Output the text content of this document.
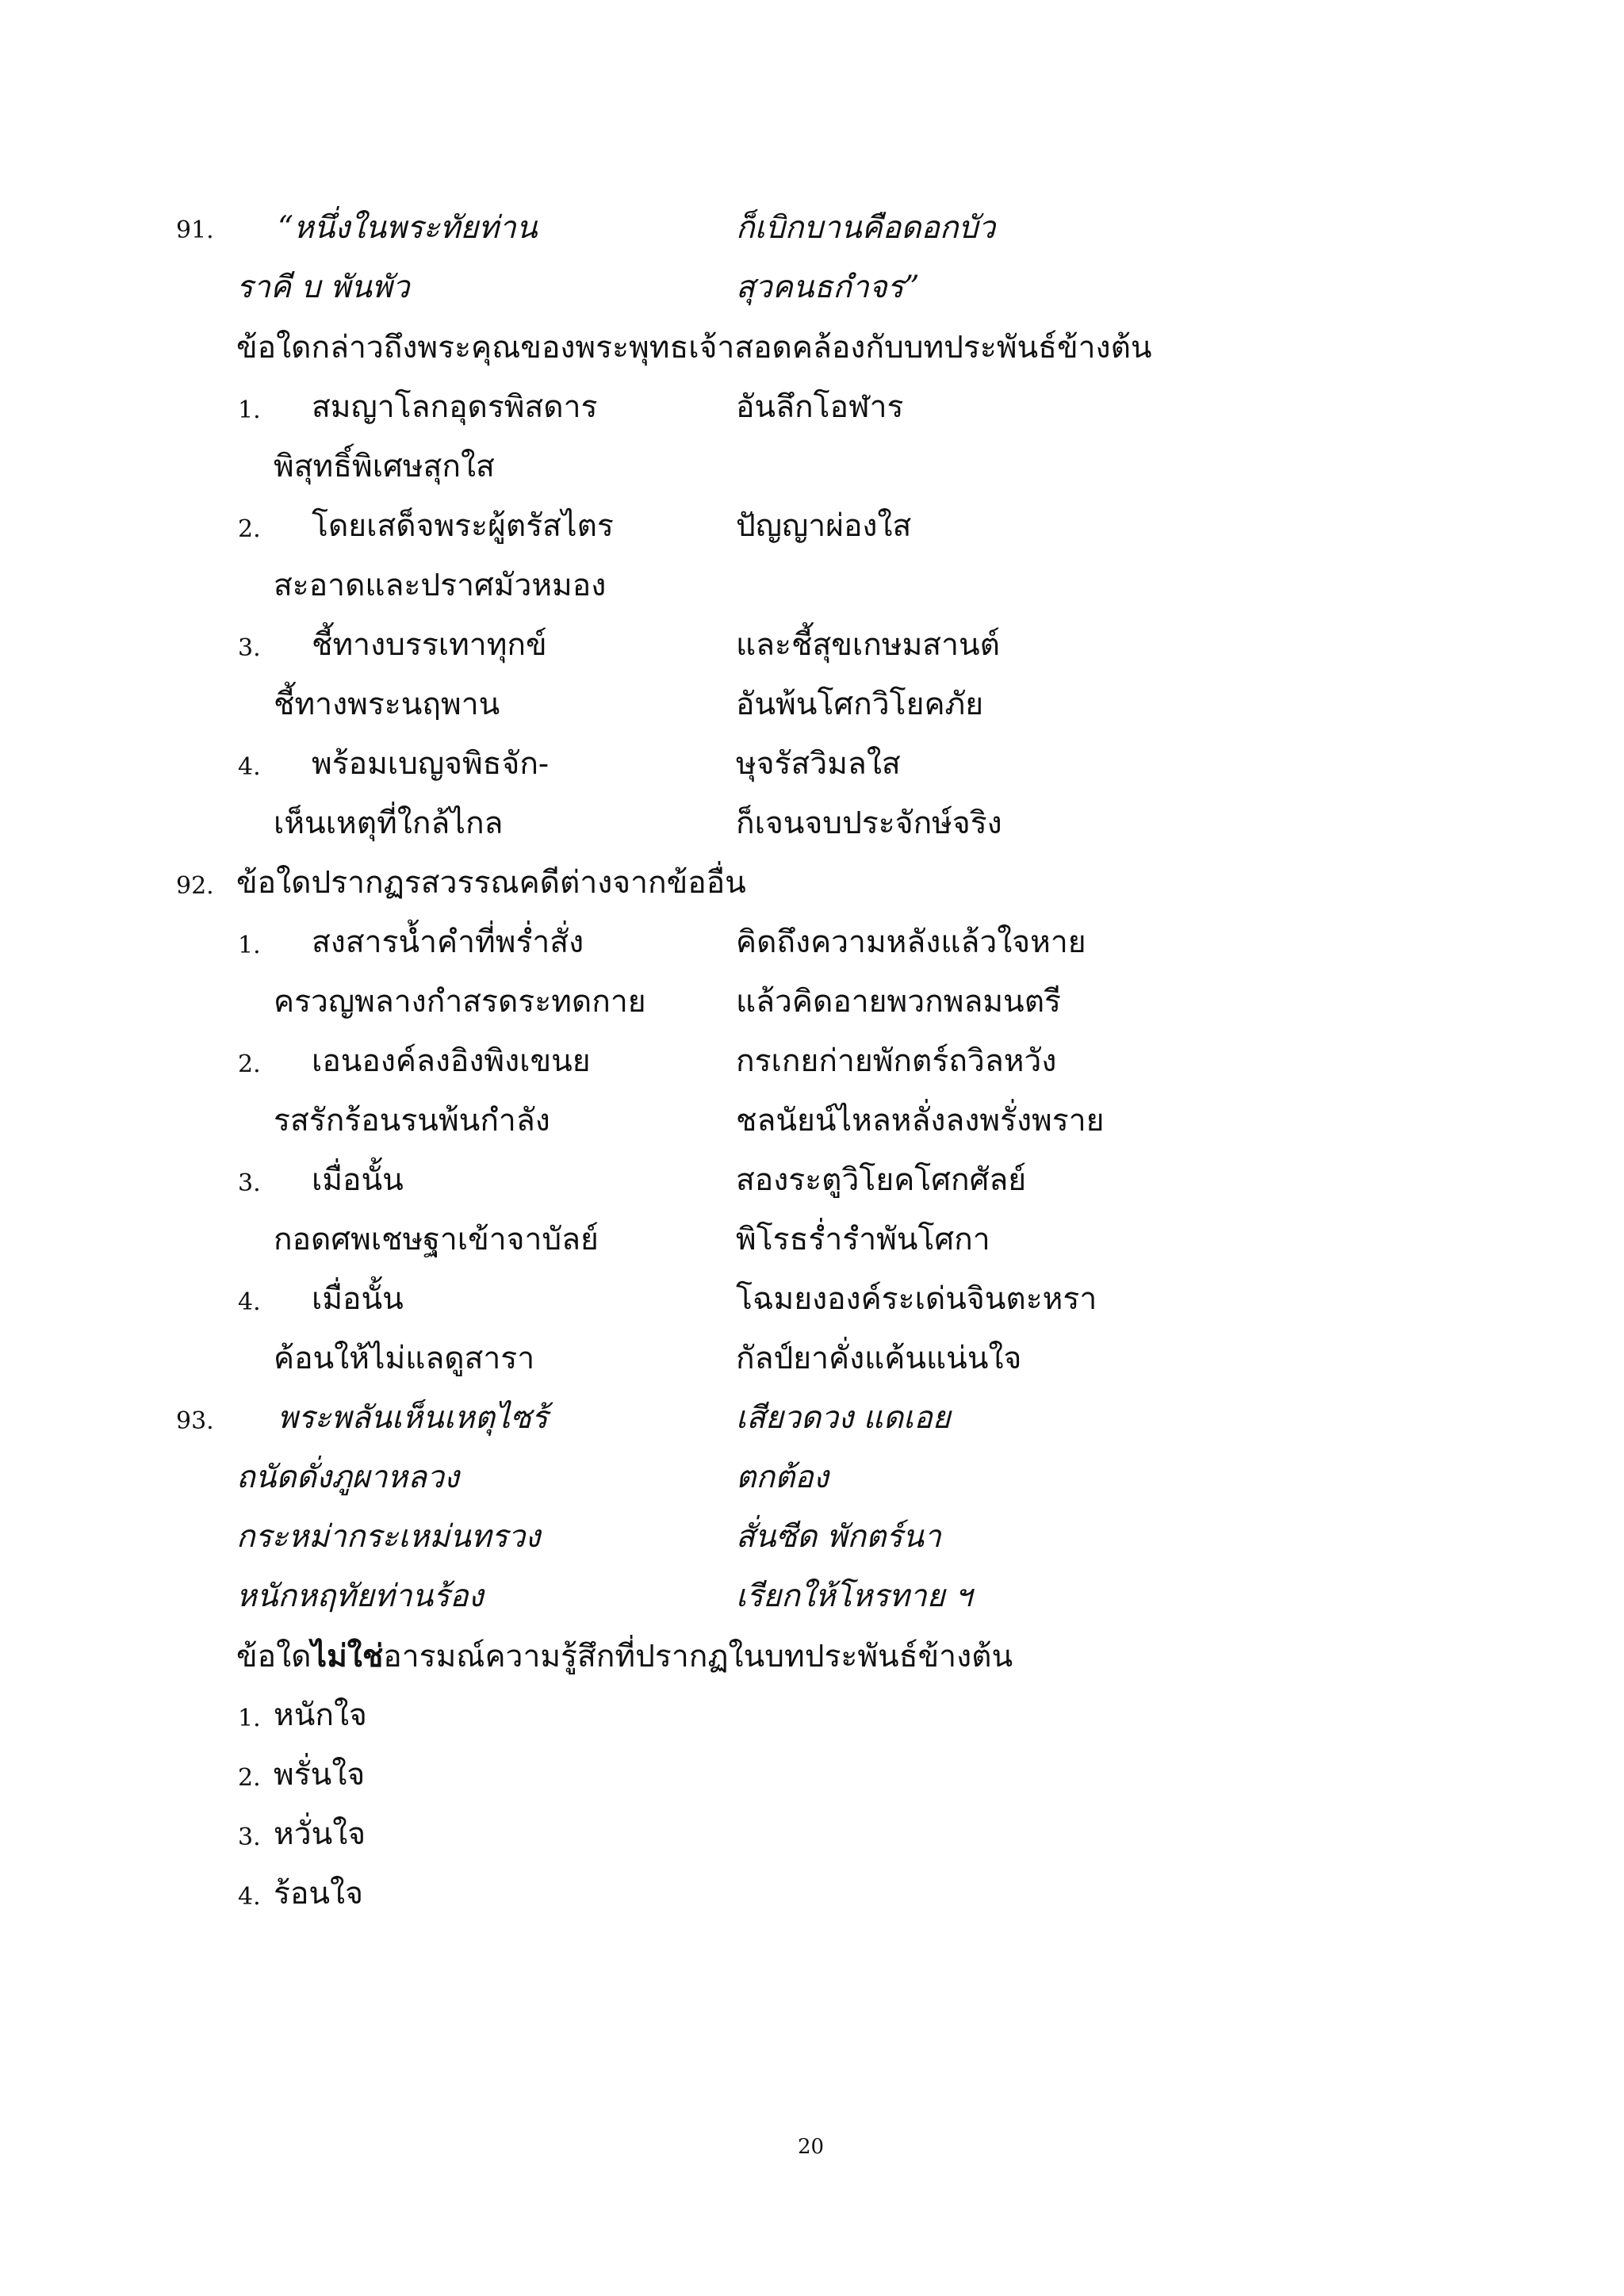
91. “หนึ่งในพระทัยท่าน	ก็เบิกบานคือดอกบัว
ราคี บ พันพัว	สุวคนธกำจร”
ข้อใดกล่าวถึงพระคุณของพระพุทธเจ้าสอดคล้องกับบทประพันธ์ข้างต้น
1. สมญาโลกอุดรพิสดาร	อันลึกโอฬาร
พิสุทธิ์พิเศษสุกใส
2. โดยเสด็จพระผู้ตรัสไตร	ปัญญาผ่องใส
สะอาดและปราศมัวหมอง
3. ชี้ทางบรรเทาทุกข์	และชี้สุขเกษมสานต์
ชี้ทางพระนฤพาน	อันพ้นโศกวิโยคภัย
4. พร้อมเบญจพิธจัก-	ษุจรัสวิมลใส
เห็นเหตุที่ใกล้ไกล	ก็เจนจบประจักษ์จริง
92. ข้อใดปรากฏรสวรรณคดีต่างจากข้ออื่น
1. สงสารน้ำคำที่พร่ำสั่ง	คิดถึงความหลังแล้วใจหาย
ครวญพลางกำสรดระทดกาย	แล้วคิดอายพวกพลมนตรี
2. เอนองค์ลงอิงพิงเขนย	กรเกยก่ายพักตร์ถวิลหวัง
รสรักร้อนรนพ้นกำลัง	ชลนัยน์ไหลหลั่งลงพรั่งพราย
3. เมื่อนั้น	สองระตูวิโยคโศกศัลย์
กอดศพเชษฐาเข้าจาบัลย์	พิโรธร่ำรำพันโศกา
4. เมื่อนั้น	โฉมยงองค์ระเด่นจินตะหรา
ค้อนให้ไม่แลดูสารา	กัลป์ยาคั่งแค้นแน่นใจ
93. พระพลันเห็นเหตุไซร้	เสียวดวง แดเอย
ถนัดดั่งภูผาหลวง	ตกต้อง
กระหม่ากระเหม่นทรวง	สั่นซีด พักตร์นา
หนักหฤทัยท่านร้อง	เรียกให้โหรทาย ฯ
ข้อใดไม่ใช่อารมณ์ความรู้สึกที่ปรากฏในบทประพันธ์ข้างต้น
1. หนักใจ
2. พรั่นใจ
3. หวั่นใจ
4. ร้อนใจ
20
